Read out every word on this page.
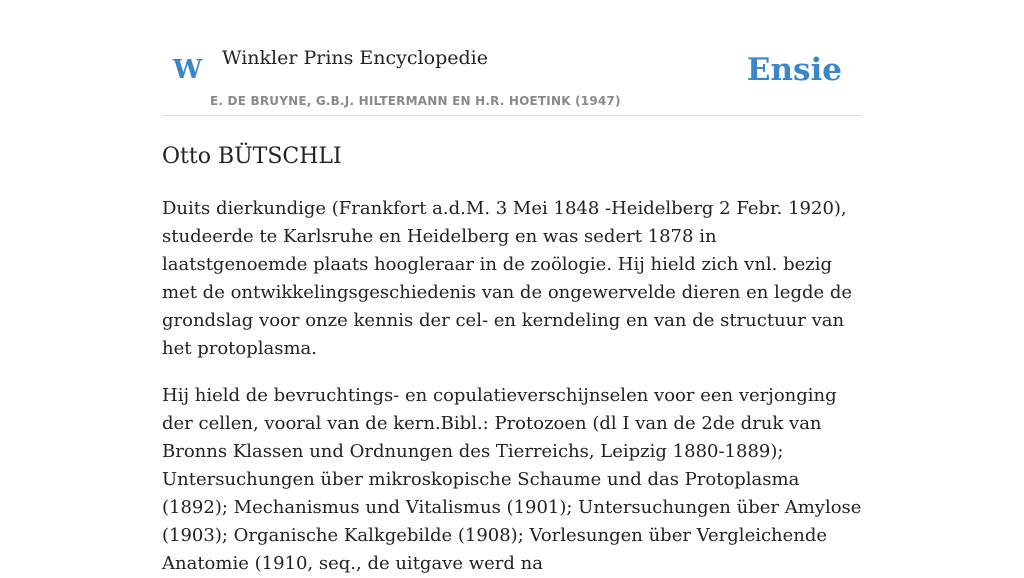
W Winkler Prins Encyclopedie
E. DE BRUYNE, G.B.J. HILTERMANN EN H.R. HOETINK (1947)
Ensie
Otto BÜTSCHLI

Duits dierkundige (Frankfort a.d.M. 3 Mei 1848 -Heidelberg 2 Febr. 1920), studeerde te Karlsruhe en Heidelberg en was sedert 1878 in laatstgenoemde plaats hoogleraar in de zoölogie. Hij hield zich vnl. bezig met de ontwikkelingsgeschiedenis van de ongewervelde dieren en legde de grondslag voor onze kennis der cel- en kerndeling en van de structuur van het protoplasma.

Hij hield de bevruchtings- en copulatieverschijnselen voor een verjonging der cellen, vooral van de kern.Bibl.: Protozoen (dl I van de 2de druk van Bronns Klassen und Ordnungen des Tierreichs, Leipzig 1880-1889); Untersuchungen über mikroskopische Schaume und das Protoplasma (1892); Mechanismus und Vitalismus (1901); Untersuchungen über Amylose (1903); Organische Kalkgebilde (1908); Vorlesungen über Vergleichende Anatomie (1910, seq., de uitgave werd na
